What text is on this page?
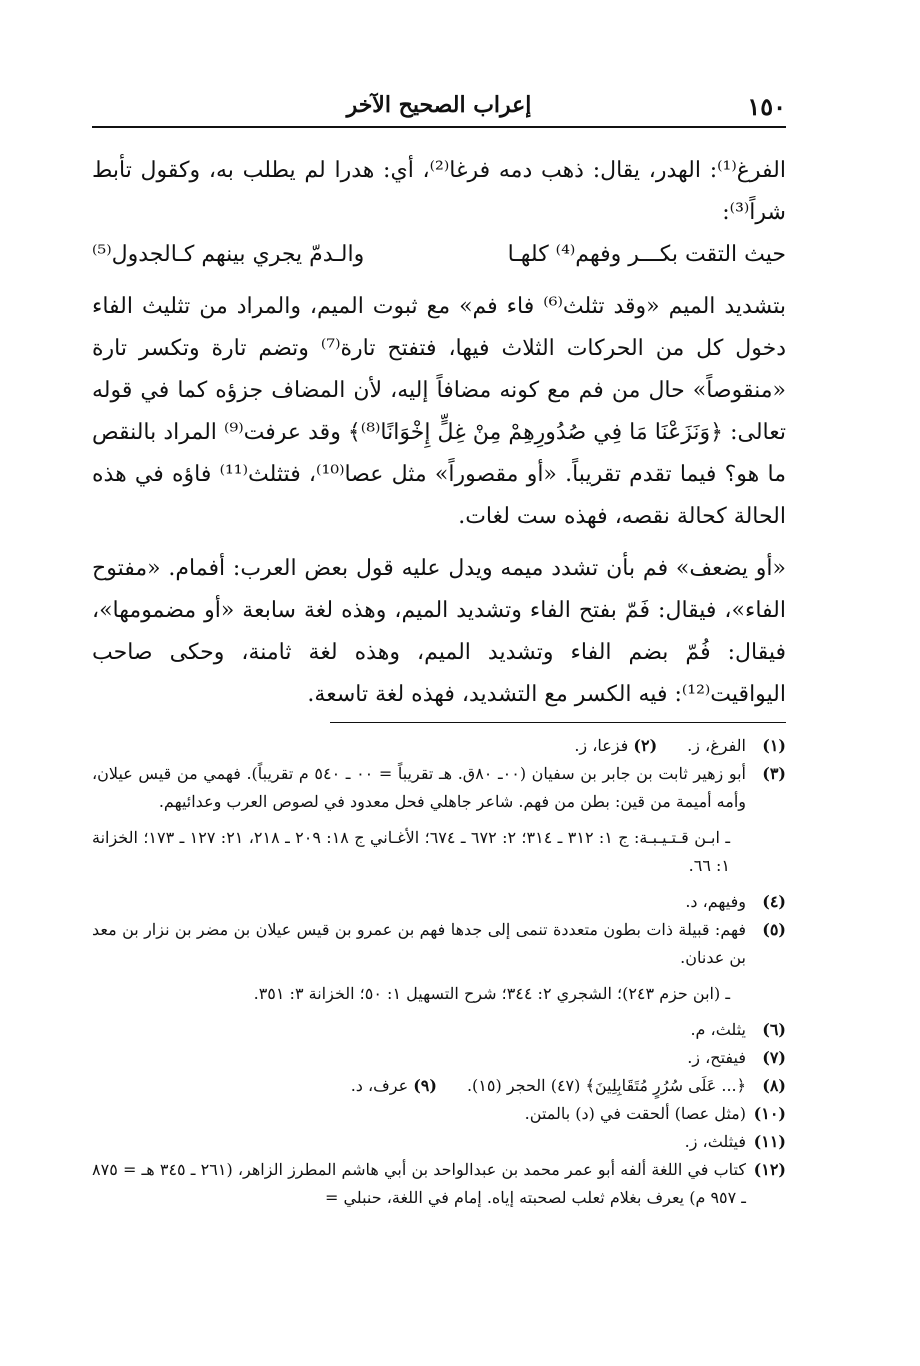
١٥٠
إعراب الصحيح الآخر

الفرغ⁽¹⁾: الهدر، يقال: ذهب دمه فرغا⁽²⁾، أي: هدرا لم يطلب به، وكقول تأبط شراً⁽³⁾:

حيث التقت بكـــر وفهم⁽⁴⁾ كلهـا
والـدمّ يجري بينهم كـالجدول⁽⁵⁾

بتشديد الميم «وقد تثلث⁽⁶⁾ فاء فم» مع ثبوت الميم، والمراد من تثليث الفاء دخول كل من الحركات الثلاث فيها، فتفتح تارة⁽⁷⁾ وتضم تارة وتكسر تارة «منقوصاً» حال من فم مع كونه مضافاً إليه، لأن المضاف جزؤه كما في قوله تعالى: ﴿وَنَزَعْنَا مَا فِي صُدُورِهِمْ مِنْ غِلٍّ إِخْوَانًا⁽⁸⁾﴾ وقد عرفت⁽⁹⁾ المراد بالنقص ما هو؟ فيما تقدم تقريباً. «أو مقصوراً» مثل عصا⁽¹⁰⁾، فتثلث⁽¹¹⁾ فاؤه في هذه الحالة كحالة نقصه، فهذه ست لغات.

«أو يضعف» فم بأن تشدد ميمه ويدل عليه قول بعض العرب: أفمام. «مفتوح الفاء»، فيقال: فَمّ بفتح الفاء وتشديد الميم، وهذه لغة سابعة «أو مضمومها»، فيقال: فُمّ بضم الفاء وتشديد الميم، وهذه لغة ثامنة، وحكى صاحب اليواقيت⁽¹²⁾: فيه الكسر مع التشديد، فهذه لغة تاسعة.

(١)
الفرغ، ز.(٢) فزعا، ز.
(٣)
أبو زهير ثابت بن جابر بن سفيان (٠٠ـ ٨٠ق. هـ تقريباً = ٠٠ ـ ٥٤٠ م تقريباً). فهمي من قيس عيلان، وأمه أميمة من قين: بطن من فهم. شاعر جاهلي فحل معدود في لصوص العرب وعدائيهم.
ـ ابـن قـتـيـبـة: ج ١: ٣١٢ ـ ٣١٤؛ ٢: ٦٧٢ ـ ٦٧٤؛ الأغـاني ج ١٨: ٢٠٩ ـ ٢١٨، ٢١: ١٢٧ ـ ١٧٣؛ الخزانة ١: ٦٦.
(٤)
وفيهم، د.
(٥)
فهم: قبيلة ذات بطون متعددة تنمى إلى جدها فهم بن عمرو بن قيس عيلان بن مضر بن نزار بن معد بن عدنان.
ـ (ابن حزم ٢٤٣)؛ الشجري ٢: ٣٤٤؛ شرح التسهيل ١: ٥٠؛ الخزانة ٣: ٣٥١.
(٦)
يثلث، م.
(٧)
فيفتح، ز.
(٨)
﴿... عَلَى سُرُرٍ مُتَقَابِلِينَ﴾ (٤٧) الحجر (١٥).(٩) عرف، د.
(١٠)
(مثل عصا) ألحقت في (د) بالمتن.
(١١)
فيثلث، ز.
(١٢)
كتاب في اللغة ألفه أبو عمر محمد بن عبدالواحد بن أبي هاشم المطرز الزاهر، (٢٦١ ـ ٣٤٥ هـ = ٨٧٥ ـ ٩٥٧ م) يعرف بغلام ثعلب لصحبته إياه. إمام في اللغة، حنبلي =
